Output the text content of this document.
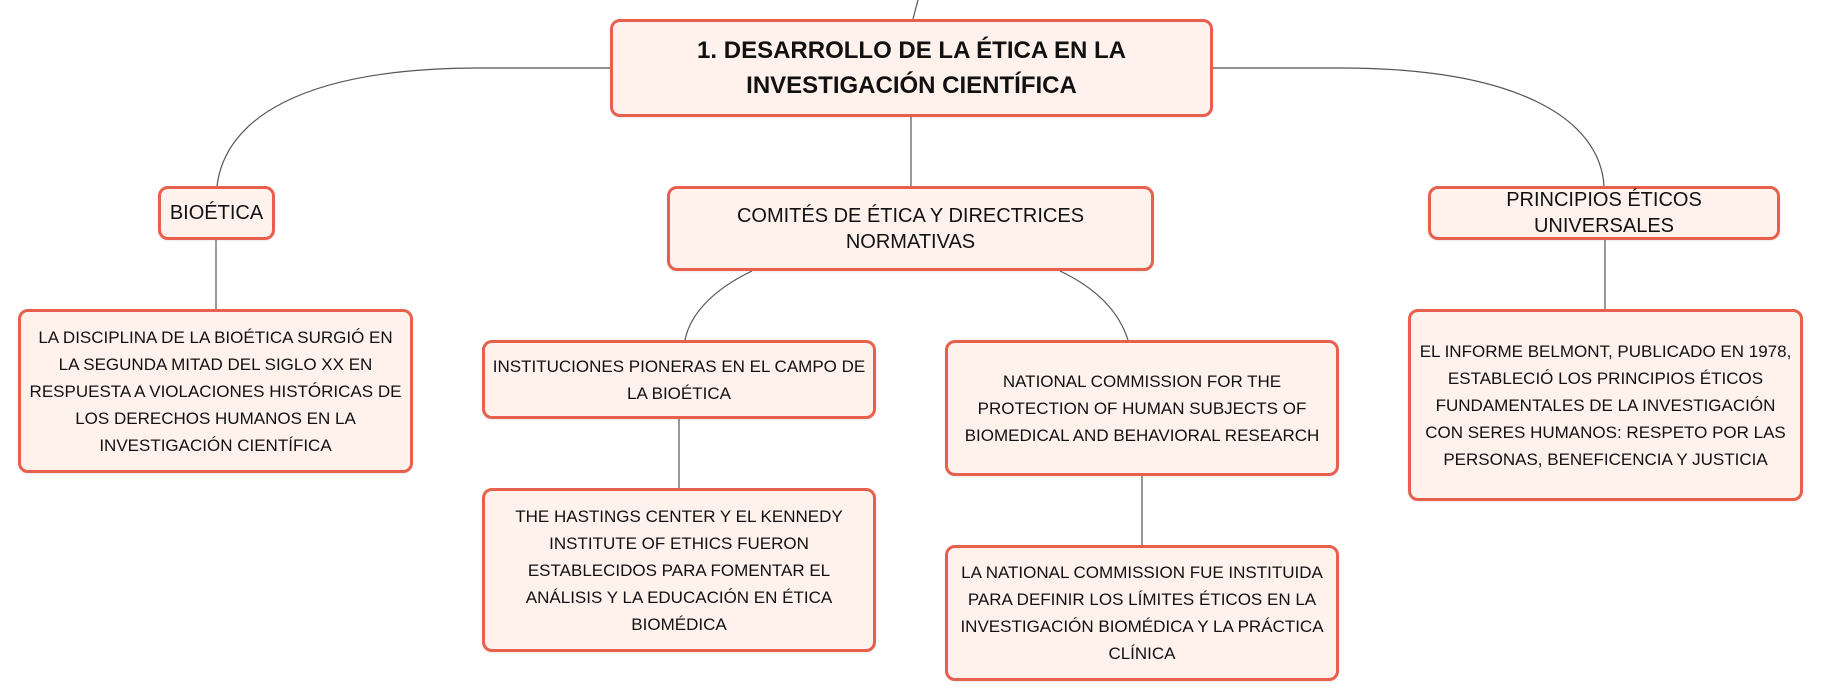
1. DESARROLLO DE LA ÉTICA EN LA INVESTIGACIÓN CIENTÍFICA
BIOÉTICA	COMITÉS DE ÉTICA Y DIRECTRICES NORMATIVAS
PRINCIPIOS ÉTICOS UNIVERSALES
LA DISCIPLINA DE LA BIOÉTICA SURGIÓ EN LA SEGUNDA MITAD DEL SIGLO XX EN RESPUESTA A VIOLACIONES HISTÓRICAS DE LOS DERECHOS HUMANOS EN LA INVESTIGACIÓN CIENTÍFICA
INSTITUCIONES PIONERAS EN EL CAMPO DE LA BIOÉTICA
NATIONAL COMMISSION FOR THE PROTECTION OF HUMAN SUBJECTS OF BIOMEDICAL AND BEHAVIORAL RESEARCH
THE HASTINGS CENTER Y EL KENNEDY INSTITUTE OF ETHICS FUERON ESTABLECIDOS PARA FOMENTAR EL ANÁLISIS Y LA EDUCACIÓN EN ÉTICA BIOMÉDICA
LA NATIONAL COMMISSION FUE INSTITUIDA PARA DEFINIR LOS LÍMITES ÉTICOS EN LA INVESTIGACIÓN BIOMÉDICA Y LA PRÁCTICA CLÍNICA
EL INFORME BELMONT, PUBLICADO EN 1978, ESTABLECIÓ LOS PRINCIPIOS ÉTICOS FUNDAMENTALES DE LA INVESTIGACIÓN CON SERES HUMANOS: RESPETO POR LAS PERSONAS, BENEFICENCIA Y JUSTICIA
